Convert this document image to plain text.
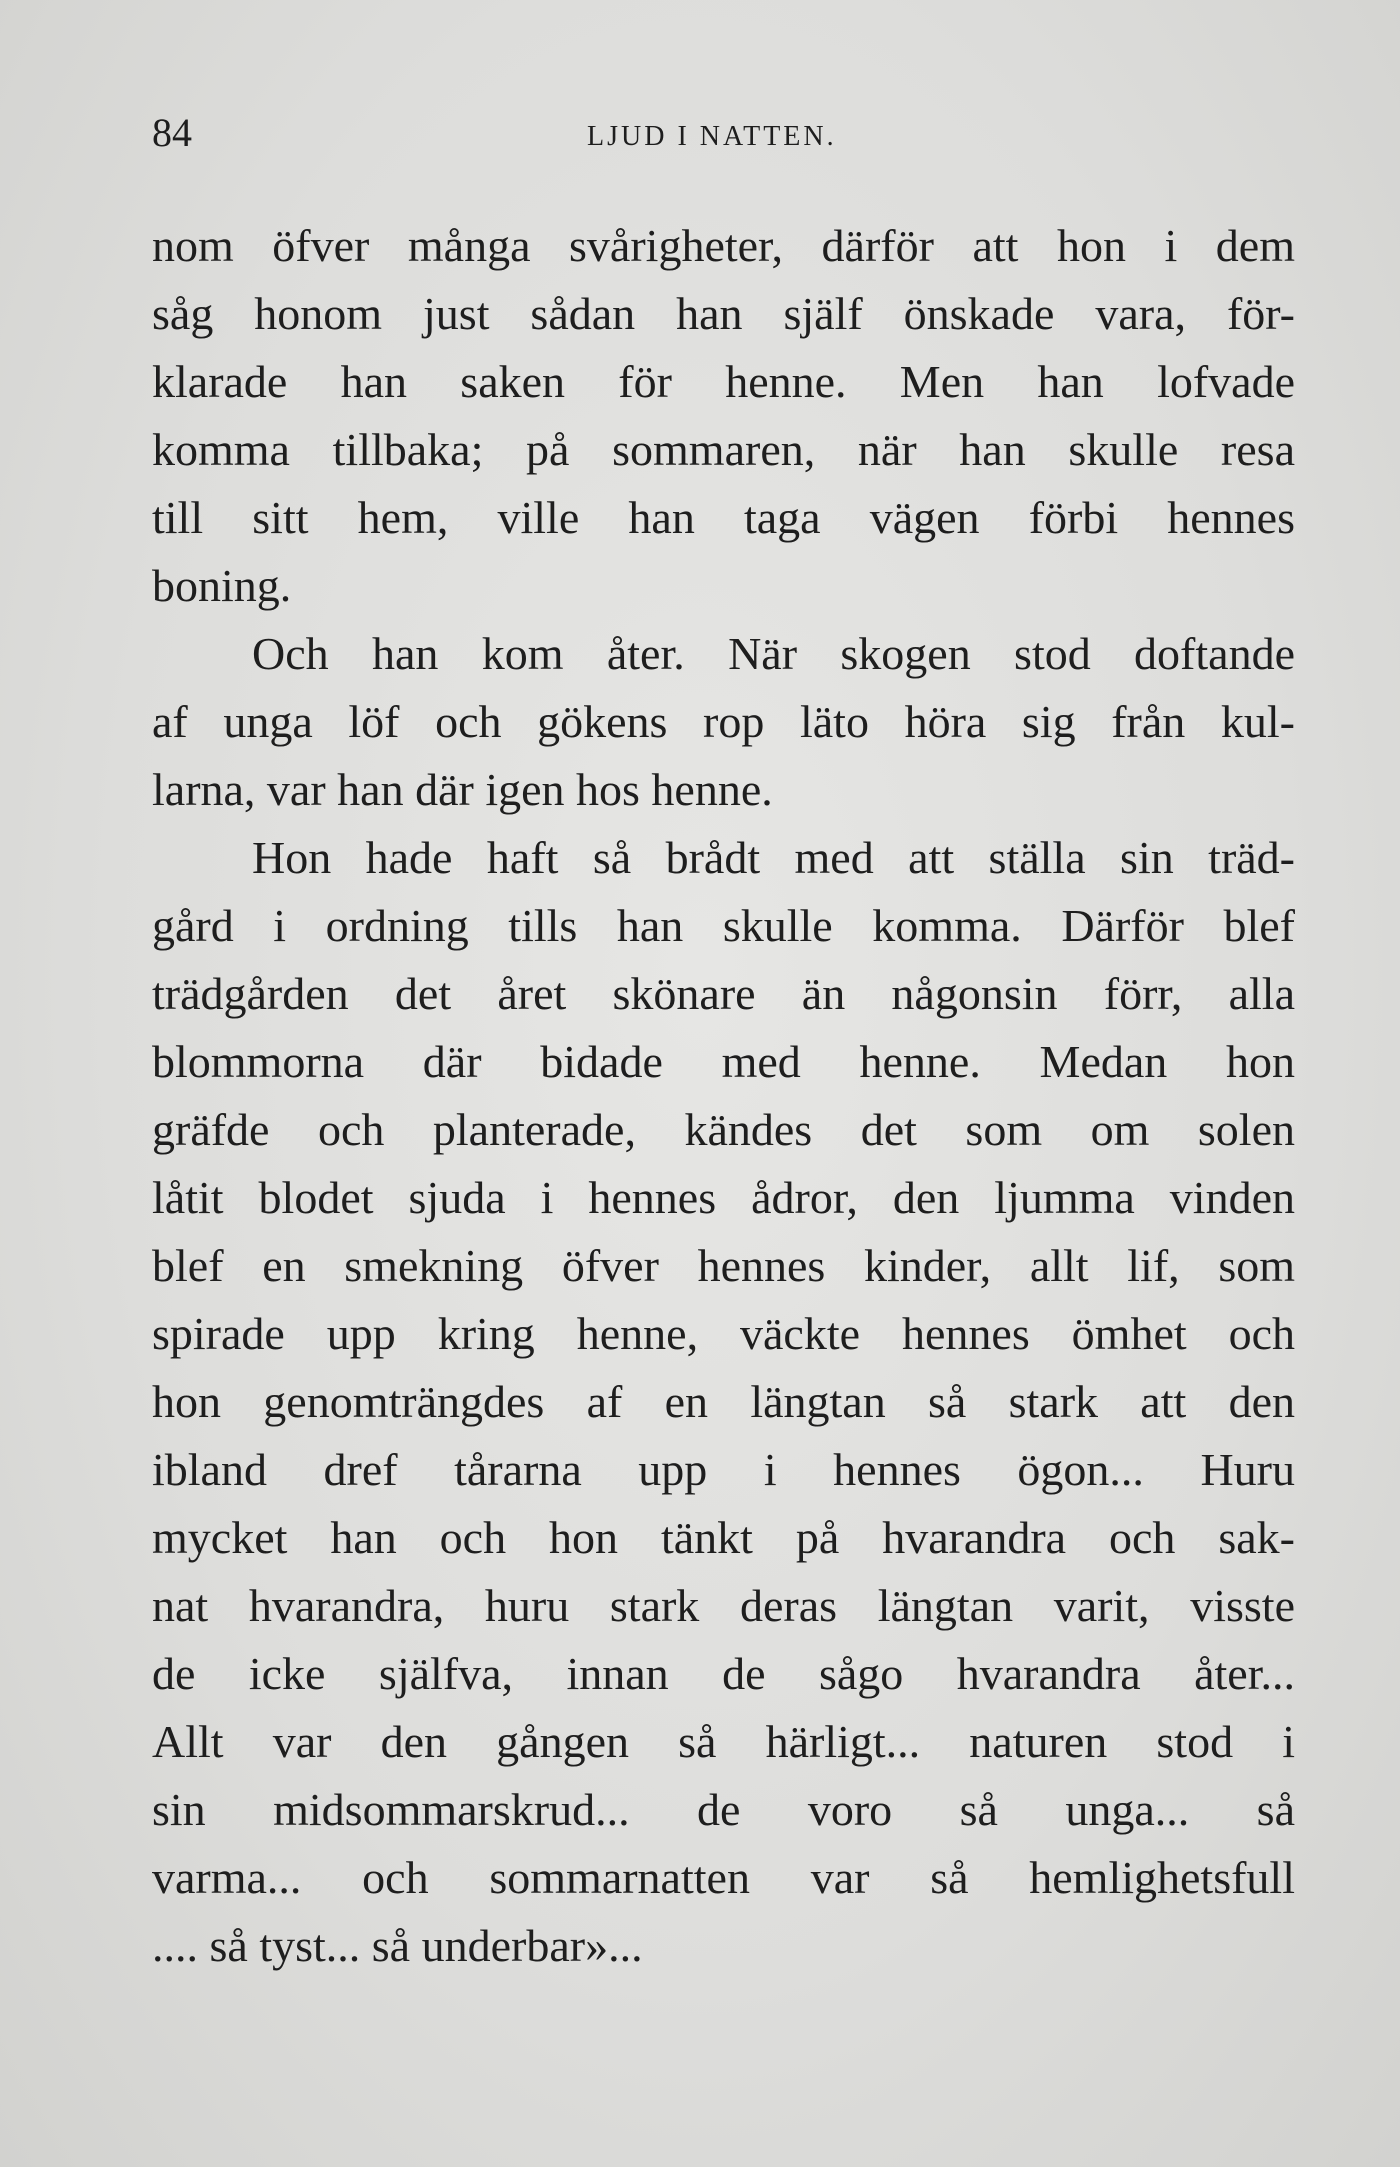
84	LJUD I NATTEN.
nom öfver många svårigheter, därför att hon i dem
såg honom just sådan han själf önskade vara, för-
klarade han saken för henne. Men han lofvade
komma tillbaka; på sommaren, när han skulle resa
till sitt hem, ville han taga vägen förbi hennes
boning.
Och han kom åter. När skogen stod doftande
af unga löf och gökens rop läto höra sig från kul-
larna, var han där igen hos henne.
Hon hade haft så brådt med att ställa sin träd-
gård i ordning tills han skulle komma. Därför blef
trädgården det året skönare än någonsin förr, alla
blommorna där bidade med henne. Medan hon
gräfde och planterade, kändes det som om solen
låtit blodet sjuda i hennes ådror, den ljumma vinden
blef en smekning öfver hennes kinder, allt lif, som
spirade upp kring henne, väckte hennes ömhet och
hon genomträngdes af en längtan så stark att den
ibland dref tårarna upp i hennes ögon... Huru
mycket han och hon tänkt på hvarandra och sak-
nat hvarandra, huru stark deras längtan varit, visste
de icke själfva, innan de sågo hvarandra åter...
Allt var den gången så härligt... naturen stod i
sin midsommarskrud... de voro så unga... så
varma... och sommarnatten var så hemlighetsfull
.... så tyst... så underbar»...
